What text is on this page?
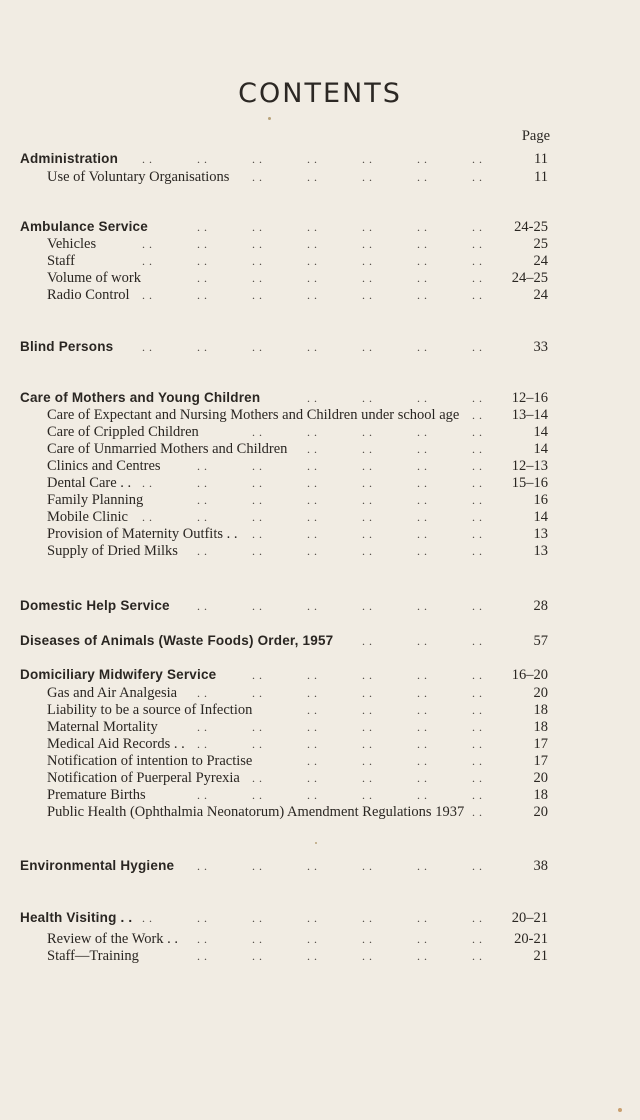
CONTENTS
Page
Administration	11
. .	. .	. .	. .	. .	. .	. .
Use of Voluntary Organisations	11
. .	. .	. .	. .	. .
Ambulance Service	24-25
. .	. .	. .	. .	. .	. .
Vehicles	25
. .	. .	. .	. .	. .	. .	. .
Staff	24
. .	. .	. .	. .	. .	. .	. .
Volume of work	24–25
. .	. .	. .	. .	. .	. .
Radio Control	24
. .	. .	. .	. .	. .	. .	. .
Blind Persons	33
. .	. .	. .	. .	. .	. .	. .
Care of Mothers and Young Children	12–16
. .	. .	. .	. .
Care of Expectant and Nursing Mothers and Children under school age	13–14
. .
Care of Crippled Children	14
. .	. .	. .	. .	. .
Care of Unmarried Mothers and Children	14
. .	. .	. .	. .
Clinics and Centres	12–13
. .	. .	. .	. .	. .	. .
Dental Care . .	15–16
. .	. .	. .	. .	. .	. .	. .
Family Planning	16
. .	. .	. .	. .	. .	. .
Mobile Clinic	14
. .	. .	. .	. .	. .	. .	. .
Provision of Maternity Outfits . .	13
. .	. .	. .	. .	. .
Supply of Dried Milks	13
. .	. .	. .	. .	. .	. .
Domestic Help Service	28
. .	. .	. .	. .	. .	. .
Diseases of Animals (Waste Foods) Order, 1957	57
. .	. .	. .
Domiciliary Midwifery Service	16–20
. .	. .	. .	. .	. .
Gas and Air Analgesia	20
. .	. .	. .	. .	. .	. .
Liability to be a source of Infection	18
. .	. .	. .	. .
Maternal Mortality	18
. .	. .	. .	. .	. .	. .
Medical Aid Records . .	17
. .	. .	. .	. .	. .	. .
Notification of intention to Practise	17
. .	. .	. .	. .
Notification of Puerperal Pyrexia	20
. .	. .	. .	. .	. .
Premature Births	18
. .	. .	. .	. .	. .	. .
Public Health (Ophthalmia Neonatorum) Amendment Regulations 1937	20
. .
Environmental Hygiene	38
. .	. .	. .	. .	. .	. .
Health Visiting . .	20–21
. .	. .	. .	. .	. .	. .	. .
Review of the Work . .	20-21
. .	. .	. .	. .	. .	. .
Staff—Training	21
. .	. .	. .	. .	. .	. .
